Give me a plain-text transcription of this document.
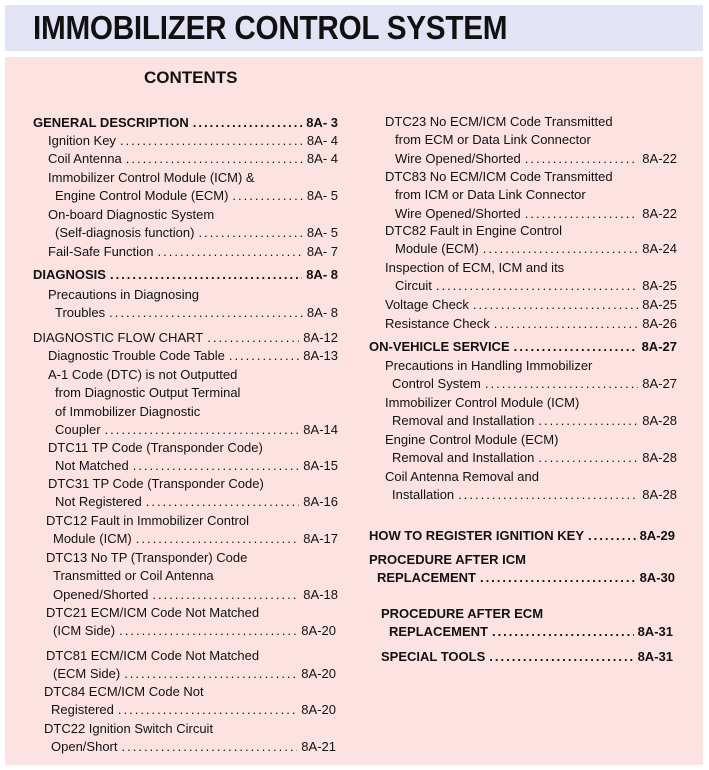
IMMOBILIZER CONTROL SYSTEM
CONTENTS
GENERAL DESCRIPTION .....	8A- 3
Ignition Key .....	8A- 4
Coil Antenna .....	8A- 4
Immobilizer Control Module (ICM) &
Engine Control Module (ECM) .....	8A- 5
On-board Diagnostic System
(Self-diagnosis function) .....	8A- 5
Fail-Safe Function .....	8A- 7
DIAGNOSIS .....	8A- 8
Precautions in Diagnosing
Troubles .....	8A- 8
DIAGNOSTIC FLOW CHART .....	8A-12
Diagnostic Trouble Code Table .....	8A-13
A-1 Code (DTC) is not Outputted
from Diagnostic Output Terminal
of Immobilizer Diagnostic
Coupler .....	8A-14
DTC11 TP Code (Transponder Code)
Not Matched .....	8A-15
DTC31 TP Code (Transponder Code)
Not Registered .....	8A-16
DTC12 Fault in Immobilizer Control
Module (ICM) .....	8A-17
DTC13 No TP (Transponder) Code
Transmitted or Coil Antenna
Opened/Shorted .....	8A-18
DTC21 ECM/ICM Code Not Matched
(ICM Side) .....	8A-20
DTC81 ECM/ICM Code Not Matched
(ECM Side) .....	8A-20
DTC84 ECM/ICM Code Not
Registered .....	8A-20
DTC22 Ignition Switch Circuit
Open/Short .....	8A-21
DTC23 No ECM/ICM Code Transmitted
from ECM or Data Link Connector
Wire Opened/Shorted .....	8A-22
DTC83 No ECM/ICM Code Transmitted
from ICM or Data Link Connector
Wire Opened/Shorted .....	8A-22
DTC82 Fault in Engine Control
Module (ECM) .....	8A-24
Inspection of ECM, ICM and its
Circuit .....	8A-25
Voltage Check .....	8A-25
Resistance Check .....	8A-26
ON-VEHICLE SERVICE .....	8A-27
Precautions in Handling Immobilizer
Control System .....	8A-27
Immobilizer Control Module (ICM)
Removal and Installation .....	8A-28
Engine Control Module (ECM)
Removal and Installation .....	8A-28
Coil Antenna Removal and
Installation .....	8A-28
HOW TO REGISTER IGNITION KEY .....	8A-29
PROCEDURE AFTER ICM
REPLACEMENT .....	8A-30
PROCEDURE AFTER ECM
REPLACEMENT .....	8A-31
SPECIAL TOOLS .....	8A-31
